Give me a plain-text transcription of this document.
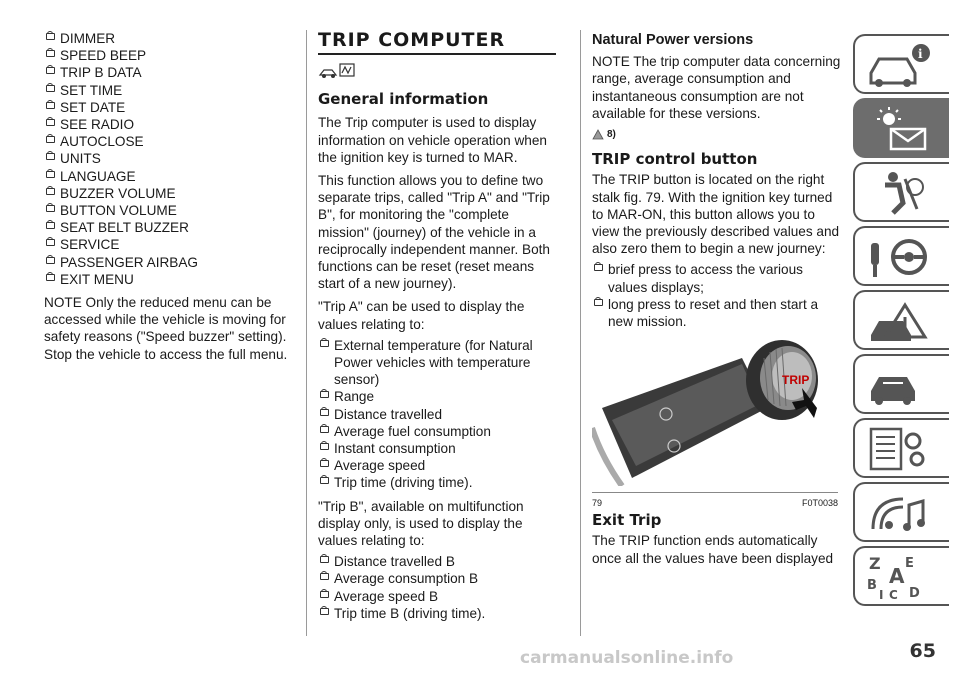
DIMMER
SPEED BEEP
TRIP B DATA
SET TIME
SET DATE
SEE RADIO
AUTOCLOSE
UNITS
LANGUAGE
BUZZER VOLUME
BUTTON VOLUME
SEAT BELT BUZZER
SERVICE
PASSENGER AIRBAG
EXIT MENU
NOTE Only the reduced menu can be accessed while the vehicle is moving for safety reasons ("Speed buzzer" setting). Stop the vehicle to access the full menu.
TRIP COMPUTER
General information
The Trip computer is used to display information on vehicle operation when the ignition key is turned to MAR.
This function allows you to define two separate trips, called "Trip A" and "Trip B", for monitoring the "complete mission" (journey) of the vehicle in a reciprocally independent manner. Both functions can be reset (reset means start of a new journey).
"Trip A" can be used to display the values relating to:
External temperature (for Natural Power vehicles with temperature sensor)
Range
Distance travelled
Average fuel consumption
Instant consumption
Average speed
Trip time (driving time).
"Trip B", available on multifunction display only, is used to display the values relating to:
Distance travelled B
Average consumption B
Average speed B
Trip time B (driving time).
Natural Power versions
NOTE The trip computer data concerning range, average consumption and instantaneous consumption are not available for these versions.
8)
TRIP control button
The TRIP button is located on the right stalk fig. 79. With the ignition key turned to MAR-ON, this button allows you to view the previously described values and also zero them to begin a new journey:
brief press to access the various values displays;
long press to reset and then start a new mission.
TRIP
79	F0T0038
Exit Trip
The TRIP function ends automatically once all the values have been displayed
i
Z E
A
B
I C D
65
carmanualsonline.info
